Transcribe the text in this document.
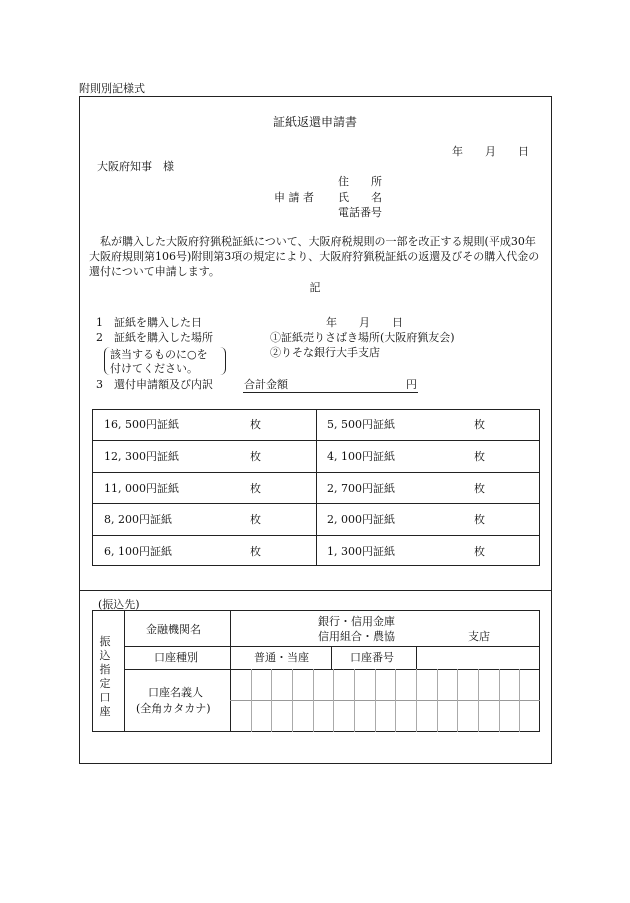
附則別記様式
証紙返還申請書
年　　月　　日
大阪府知事　様
住　　所
申 請 者 氏　　名
電話番号
　私が購入した大阪府狩猟税証紙について、大阪府税規則の一部を改正する規則(平成30年大阪府規則第106号)附則第3項の規定により、大阪府狩猟税証紙の返還及びその購入代金の還付について申請します。
記
1　証紙を購入した日	年　　月　　日
2　証紙を購入した場所	①証紙売りさばき場所(大阪府猟友会)
②りそな銀行大手支店
該当するものに○を
付けてください。
3　還付申請額及び内訳	合計金額	円
16, 500円証紙	枚	5, 500円証紙	枚
12, 300円証紙	枚	4, 100円証紙	枚
11, 000円証紙	枚	2, 700円証紙	枚
8, 200円証紙	枚	2, 000円証紙	枚
6, 100円証紙	枚	1, 300円証紙	枚
(振込先)
振込指定口座
金融機関名
銀行・信用金庫
信用組合・農協	支店
口座種別	普通・当座	口座番号
口座名義人
(全角カタカナ)
